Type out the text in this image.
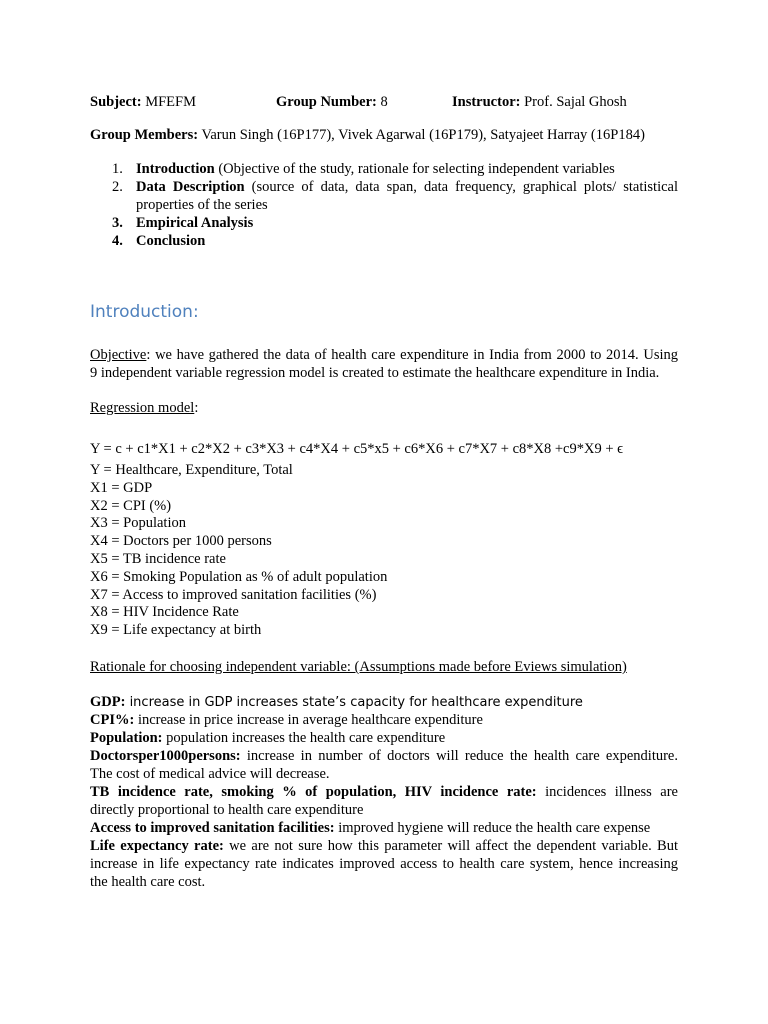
Subject: MFEFM	Group Number: 8	Instructor: Prof. Sajal Ghosh
Group Members: Varun Singh (16P177), Vivek Agarwal (16P179), Satyajeet Harray (16P184)
1. Introduction (Objective of the study, rationale for selecting independent variables
2. Data Description (source of data, data span, data frequency, graphical plots/ statistical properties of the series
3. Empirical Analysis
4. Conclusion
Introduction:
Objective: we have gathered the data of health care expenditure in India from 2000 to 2014. Using
9 independent variable regression model is created to estimate the healthcare expenditure in India.
Regression model:
Y = c + c1*X1 + c2*X2 + c3*X3 + c4*X4 + c5*x5 + c6*X6 + c7*X7 + c8*X8 +c9*X9 + ϵ
Y = Healthcare, Expenditure, Total
X1 = GDP
X2 = CPI (%)
X3 = Population
X4 = Doctors per 1000 persons
X5 = TB incidence rate
X6 = Smoking Population as % of adult population
X7 = Access to improved sanitation facilities (%)
X8 = HIV Incidence Rate
X9 = Life expectancy at birth
Rationale for choosing independent variable: (Assumptions made before Eviews simulation)
GDP: increase in GDP increases state’s capacity for healthcare expenditure
CPI%: increase in price increase in average healthcare expenditure
Population: population increases the health care expenditure
Doctorsper1000persons: increase in number of doctors will reduce the health care expenditure.
The cost of medical advice will decrease.
TB incidence rate, smoking % of population, HIV incidence rate: incidences illness are
directly proportional to health care expenditure
Access to improved sanitation facilities: improved hygiene will reduce the health care expense
Life expectancy rate: we are not sure how this parameter will affect the dependent variable. But
increase in life expectancy rate indicates improved access to health care system, hence increasing
the health care cost.
